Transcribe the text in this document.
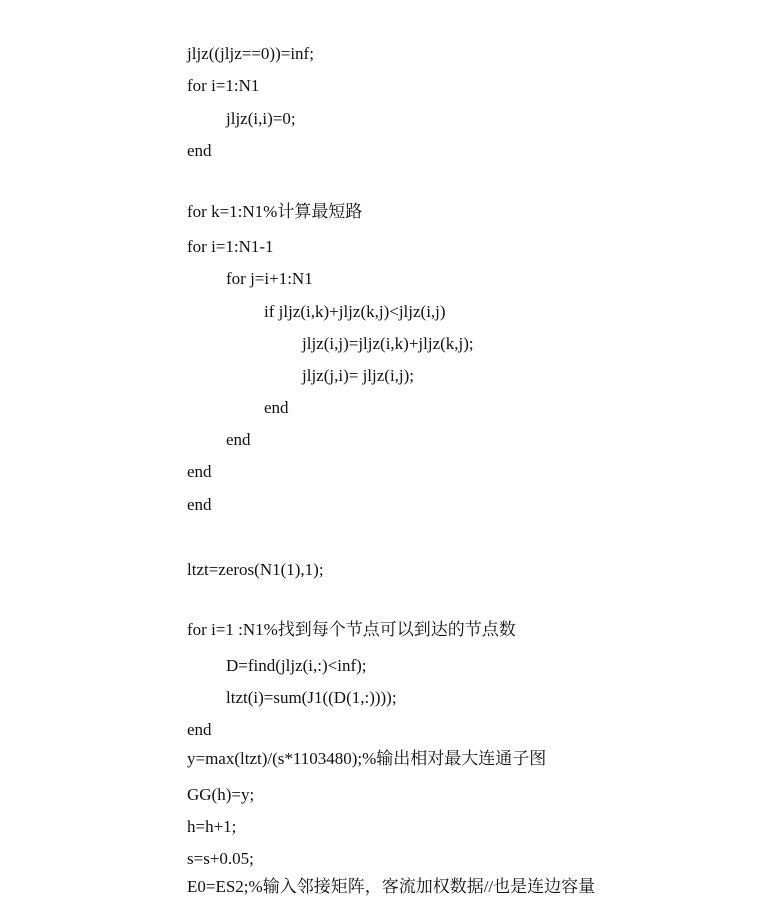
jljz((jljz==0))=inf;

for i=1:N1

jljz(i,i)=0;

end

for k=1:N1%计算最短路

for i=1:N1-1

for j=i+1:N1

if jljz(i,k)+jljz(k,j)<jljz(i,j)

jljz(i,j)=jljz(i,k)+jljz(k,j);

jljz(j,i)= jljz(i,j);

end

end

end

end

ltzt=zeros(N1(1),1);

for i=1 :N1%找到每个节点可以到达的节点数

D=find(jljz(i,:)<inf);

ltzt(i)=sum(J1((D(1,:))));

end

y=max(ltzt)/(s*1103480);%输出相对最大连通子图

GG(h)=y;

h=h+1;

s=s+0.05;

E0=ES2;%输入邻接矩阵，客流加权数据//也是连边容量
